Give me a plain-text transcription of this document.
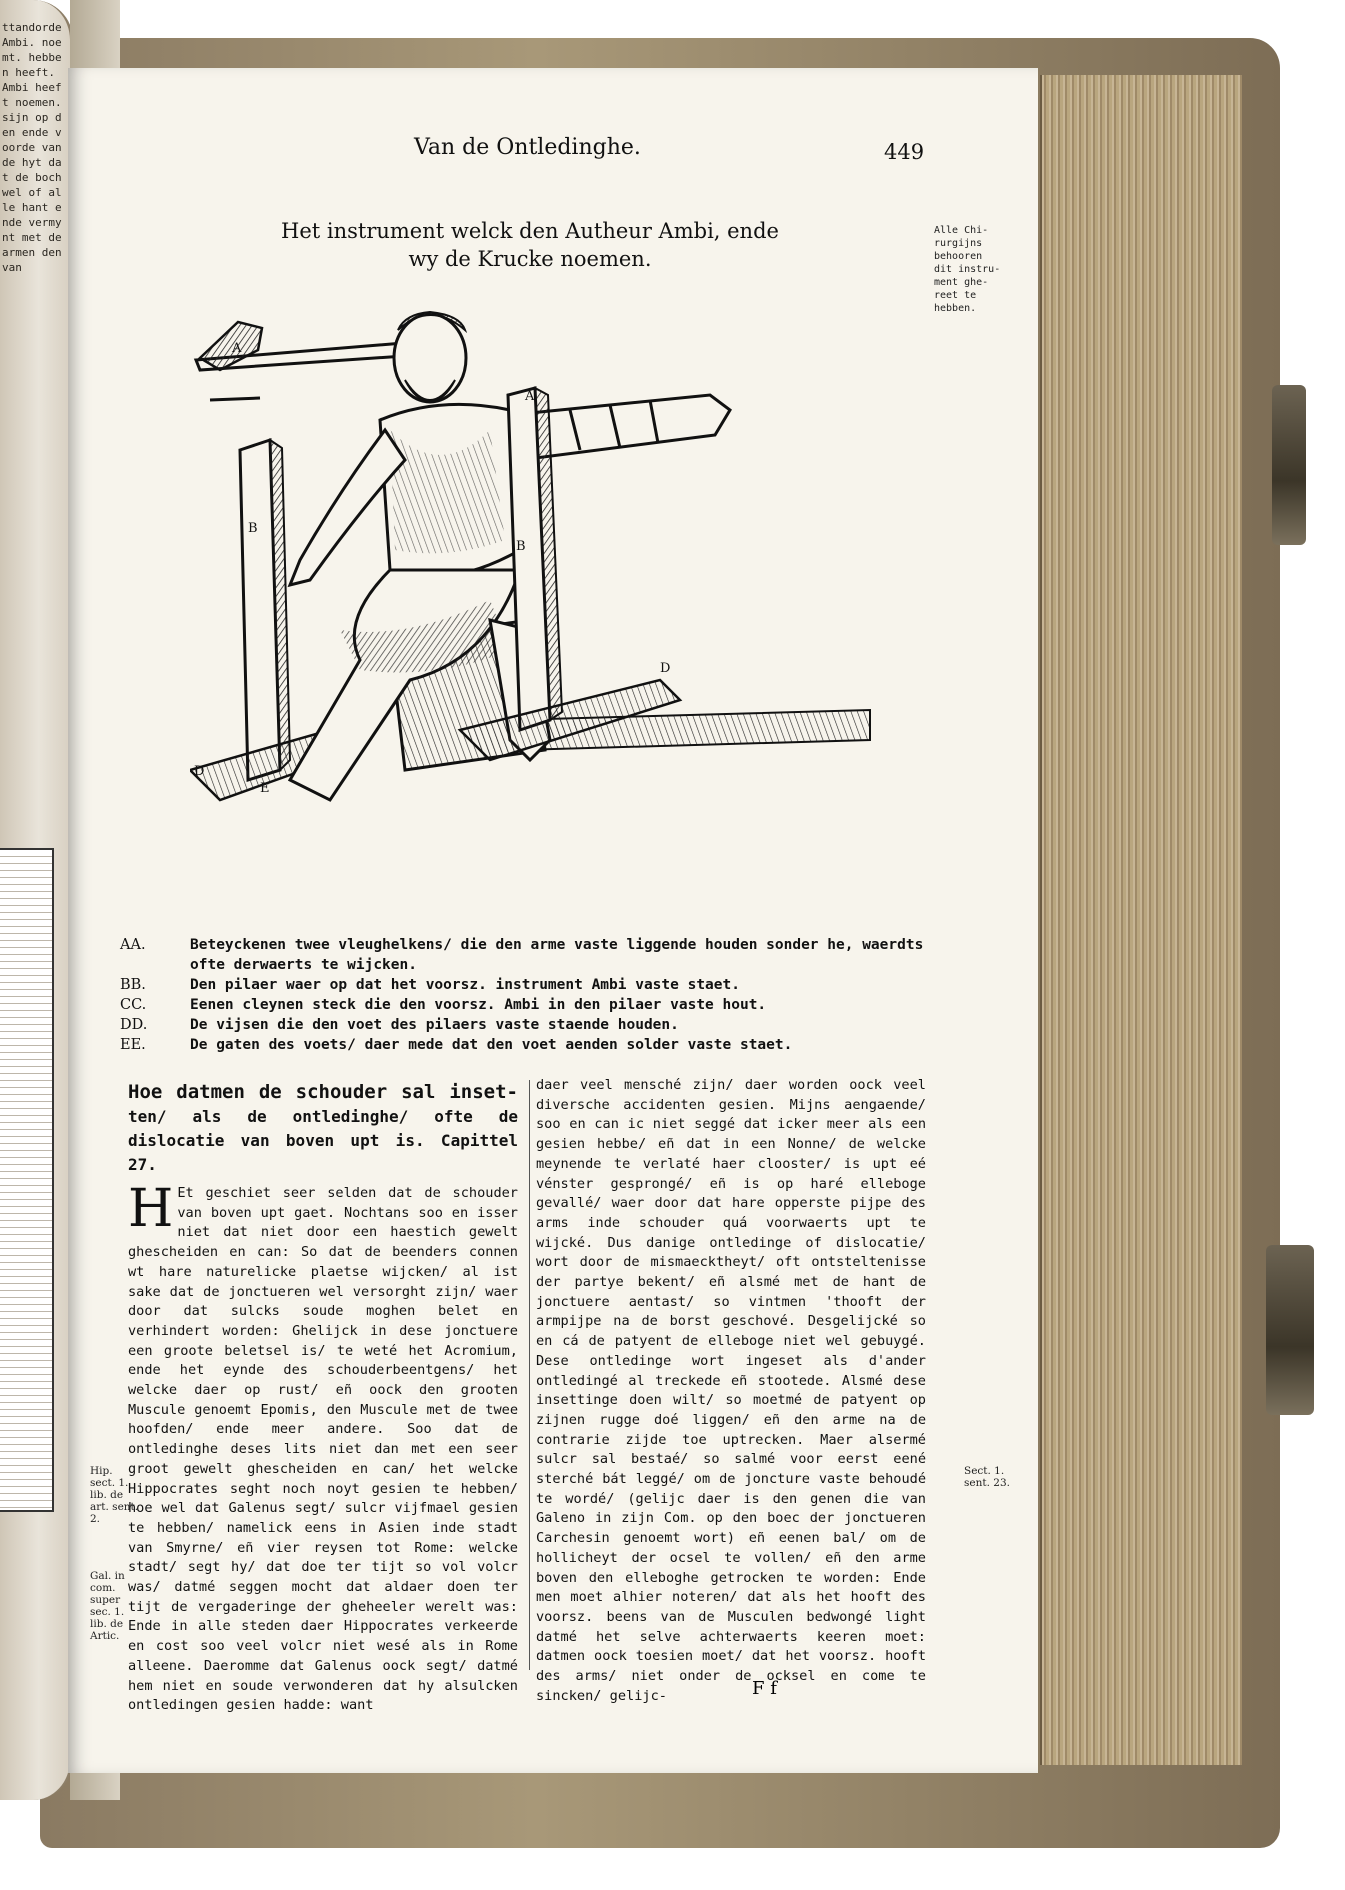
ttandorde Ambi. noemt. hebben heeft. Ambi heeft noemen. sijn op den ende voorde van de hyt dat de boch wel of alle hant ende vermynt met de armen den van
Van de Ontledinghe.	449
Het instrument welck den Autheur Ambi, ende
wy de Krucke noemen.
Alle Chi- rurgijns behooren dit instru- ment ghe- reet te hebben.
A
A
B
B
D
D
E
AA.	Beteyckenen twee vleughelkens/ die den arme vaste liggende houden sonder he, waerdts
ofte derwaerts te wijcken.
BB.	Den pilaer waer op dat het voorsz. instrument Ambi vaste staet.
CC.	Eenen cleynen steck die den voorsz. Ambi in den pilaer vaste hout.
DD.	De vijsen die den voet des pilaers vaste staende houden.
EE.	De gaten des voets/ daer mede dat den voet aenden solder vaste staet.

Hoe datmen de schouder sal inset- ten/ als de ontledinghe/ ofte de dislocatie van boven upt is. Capittel 27.

H Et geschiet seer selden dat de schouder van boven upt gaet. Nochtans soo en isser niet dat niet door een haestich gewelt ghescheiden en can: So dat de beenders connen wt hare naturelicke plaetse wijcken/ al ist sake dat de jonctueren wel versorght zijn/ waer door dat sulcks soude moghen belet en verhindert worden: Ghelijck in dese jonctuere een groote beletsel is/ te weté het Acromium, ende het eynde des schouderbeentgens/ het welcke daer op rust/ eñ oock den grooten Muscule genoemt Epomis, den Muscule met de twee hoofden/ ende meer andere. Soo dat de ontledinghe deses lits niet dan met een seer groot gewelt ghescheiden en can/ het welcke Hippocrates seght noch noyt gesien te hebben/ hoe wel dat Galenus segt/ sulcr vijfmael gesien te hebben/ namelick eens in Asien inde stadt van Smyrne/ eñ vier reysen tot Rome: welcke stadt/ segt hy/ dat doe ter tijt so vol volcr was/ datmé seggen mocht dat aldaer doen ter tijt de vergaderinge der gheheeler werelt was: Ende in alle steden daer Hippocrates verkeerde en cost soo veel volcr niet wesé als in Rome alleene. Daeromme dat Galenus oock segt/ datmé hem niet en soude verwonderen dat hy alsulcken ontledingen gesien hadde: want

daer veel mensché zijn/ daer worden oock veel diversche accidenten gesien. Mijns aengaende/ soo en can ic niet seggé dat icker meer als een gesien hebbe/ eñ dat in een Nonne/ de welcke meynende te verlaté haer clooster/ is upt eé vénster gesprongé/ eñ is op haré elleboge gevallé/ waer door dat hare opperste pijpe des arms inde schouder quá voorwaerts upt te wijcké. Dus danige ontledinge of dislocatie/ wort door de mismaecktheyt/ oft ontsteltenisse der partye bekent/ eñ alsmé met de hant de jonctuere aentast/ so vintmen 'thooft der armpijpe na de borst geschové. Desgelijcké so en cá de patyent de elleboge niet wel gebuygé. Dese ontledinge wort ingeset als d'ander ontledingé al treckede eñ stootede. Alsmé dese insettinge doen wilt/ so moetmé de patyent op zijnen rugge doé liggen/ eñ den arme na de contrarie zijde toe uptrecken. Maer alsermé sulcr sal bestaé/ so salmé voor eerst eené sterché bát leggé/ om de joncture vaste behoudé te wordé/ (gelijc daer is den genen die van Galeno in zijn Com. op den boec der jonctueren Carchesin genoemt wort) eñ eenen bal/ om de hollicheyt der ocsel te vollen/ eñ den arme boven den elleboghe getrocken te worden: Ende men moet alhier noteren/ dat als het hooft des voorsz. beens van de Musculen bedwongé light datmé het selve achterwaerts keeren moet: datmen oock toesien moet/ dat het voorsz. hooft des arms/ niet onder de ocksel en come te sincken/ gelijc-	F f
Hip. sect. 1. lib. de art. sent. 2.
Gal. in com. super sec. 1. lib. de Artic.
Sect. 1. sent. 23.
